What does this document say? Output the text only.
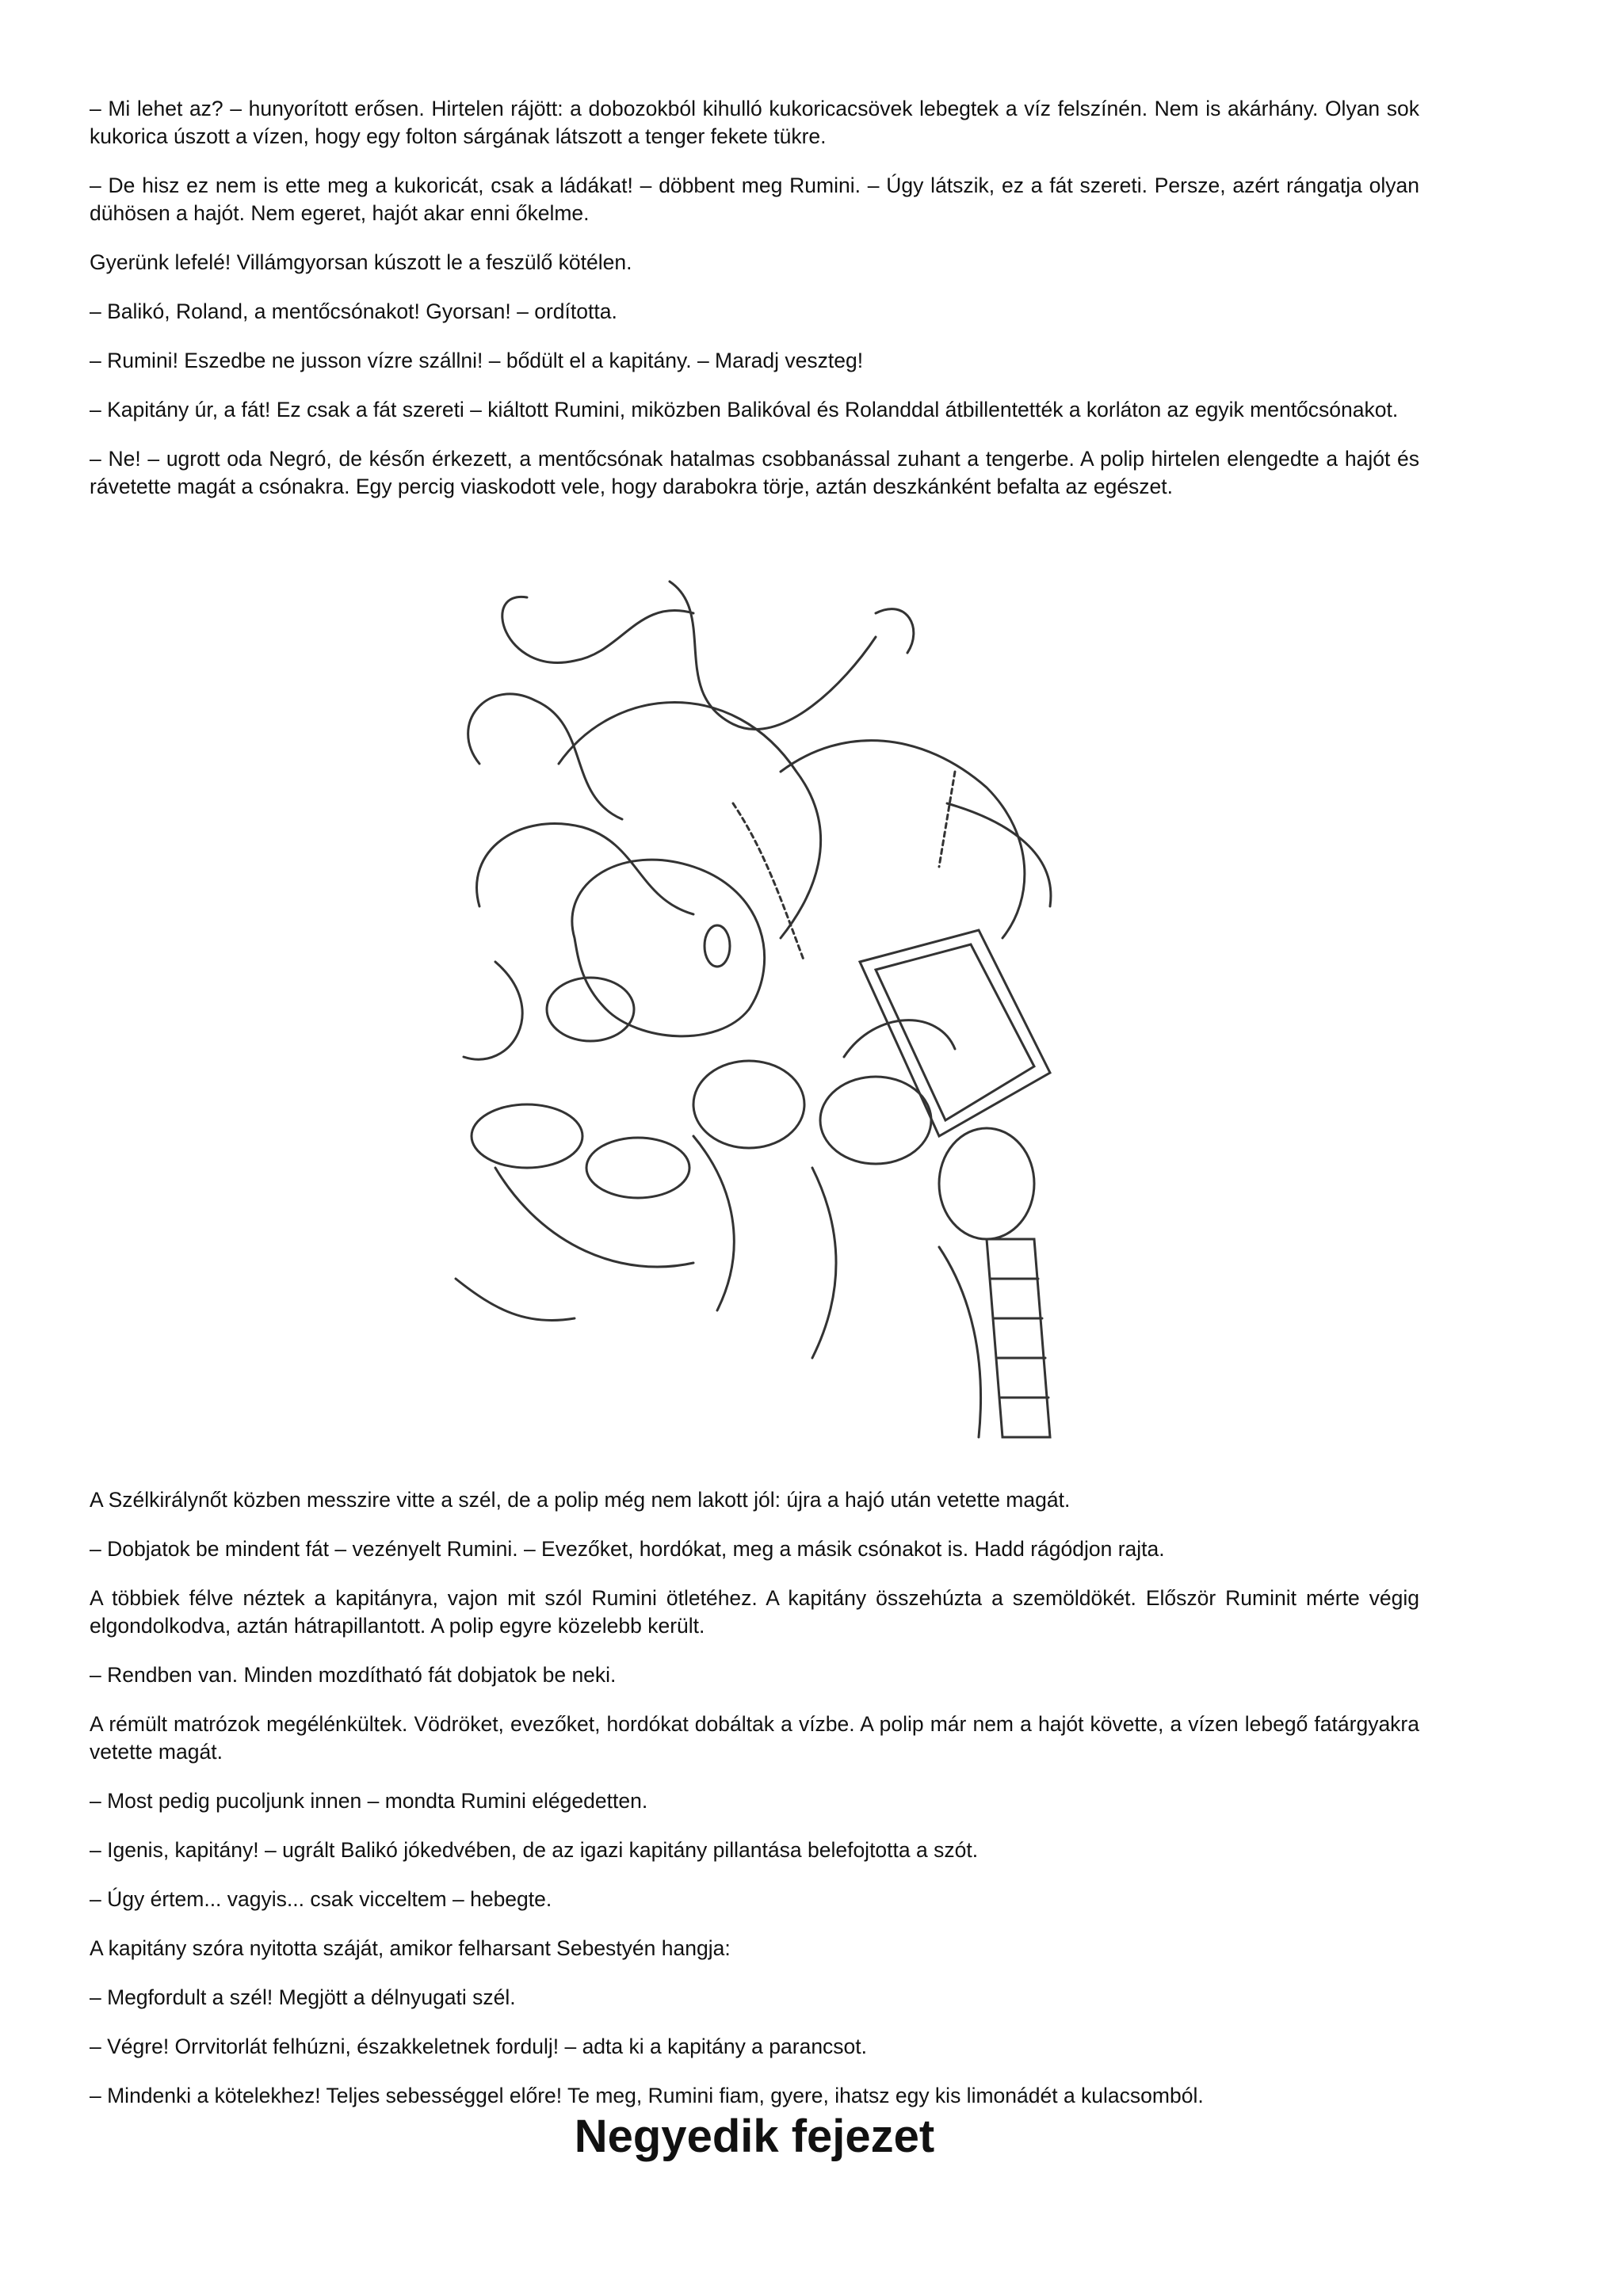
– Mi lehet az? – hunyorított erősen. Hirtelen rájött: a dobozokból kihulló kukoricacsövek lebegtek a víz felszínén. Nem is akárhány. Olyan sok kukorica úszott a vízen, hogy egy folton sárgának látszott a tenger fekete tükre.

– De hisz ez nem is ette meg a kukoricát, csak a ládákat! – döbbent meg Rumini. – Úgy látszik, ez a fát szereti. Persze, azért rángatja olyan dühösen a hajót. Nem egeret, hajót akar enni őkelme.

Gyerünk lefelé! Villámgyorsan kúszott le a feszülő kötélen.

– Balikó, Roland, a mentőcsónakot! Gyorsan! – ordította.

– Rumini! Eszedbe ne jusson vízre szállni! – bődült el a kapitány. – Maradj veszteg!

– Kapitány úr, a fát! Ez csak a fát szereti – kiáltott Rumini, miközben Balikóval és Rolanddal átbillentették a korláton az egyik mentőcsónakot.

– Ne! – ugrott oda Negró, de későn érkezett, a mentőcsónak hatalmas csobbanással zuhant a tengerbe. A polip hirtelen elengedte a hajót és rávetette magát a csónakra. Egy percig viaskodott vele, hogy darabokra törje, aztán deszkánként befalta az egészet.

A Szélkirálynőt közben messzire vitte a szél, de a polip még nem lakott jól: újra a hajó után vetette magát.

– Dobjatok be mindent fát – vezényelt Rumini. – Evezőket, hordókat, meg a másik csónakot is. Hadd rágódjon rajta.

A többiek félve néztek a kapitányra, vajon mit szól Rumini ötletéhez. A kapitány összehúzta a szemöldökét. Először Ruminit mérte végig elgondolkodva, aztán hátrapillantott. A polip egyre közelebb került.

– Rendben van. Minden mozdítható fát dobjatok be neki.

A rémült matrózok megélénkültek. Vödröket, evezőket, hordókat dobáltak a vízbe. A polip már nem a hajót követte, a vízen lebegő fatárgyakra vetette magát.

– Most pedig pucoljunk innen – mondta Rumini elégedetten.

– Igenis, kapitány! – ugrált Balikó jókedvében, de az igazi kapitány pillantása belefojtotta a szót.

– Úgy értem... vagyis... csak vicceltem – hebegte.

A kapitány szóra nyitotta száját, amikor felharsant Sebestyén hangja:

– Megfordult a szél! Megjött a délnyugati szél.

– Végre! Orrvitorlát felhúzni, északkeletnek fordulj! – adta ki a kapitány a parancsot.

– Mindenki a kötelekhez! Teljes sebességgel előre! Te meg, Rumini fiam, gyere, ihatsz egy kis limonádét a kulacsomból.

Negyedik fejezet
